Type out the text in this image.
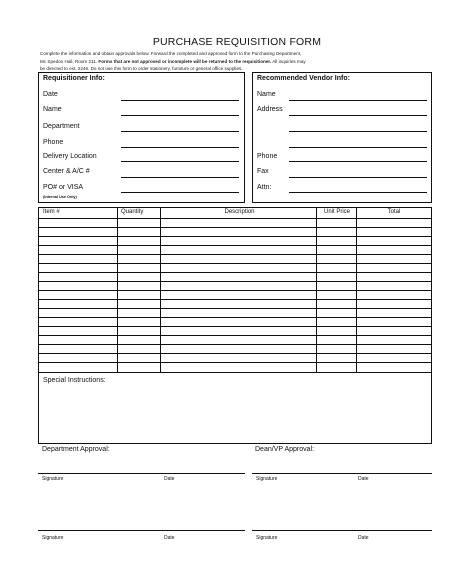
PURCHASE REQUISITION FORM
Complete the information and obtain approvals below. Forward the completed and approved form to the Purchasing Department,
Mc Spedon Hall, Room 211. Forms that are not approved or incomplete will be returned to the requisitioner. All inquiries may
be directed to ext. 2246. Do not use this form to order stationery, furniture or general office supplies.
Requisitioner Info:
Date
Name
Department
Phone
Delivery Location
Center & A/C #
PO# or VISA
(Internal Use Only)
Recommended Vendor Info:
Name
Address
Phone
Fax
Attn:
Item #	Quantity	Description	Unit Price	Total
Special Instructions:
Department Approval:
Signature	Date
Dean/VP Approval:
Signature	Date
Signature	Date	Signature	Date
